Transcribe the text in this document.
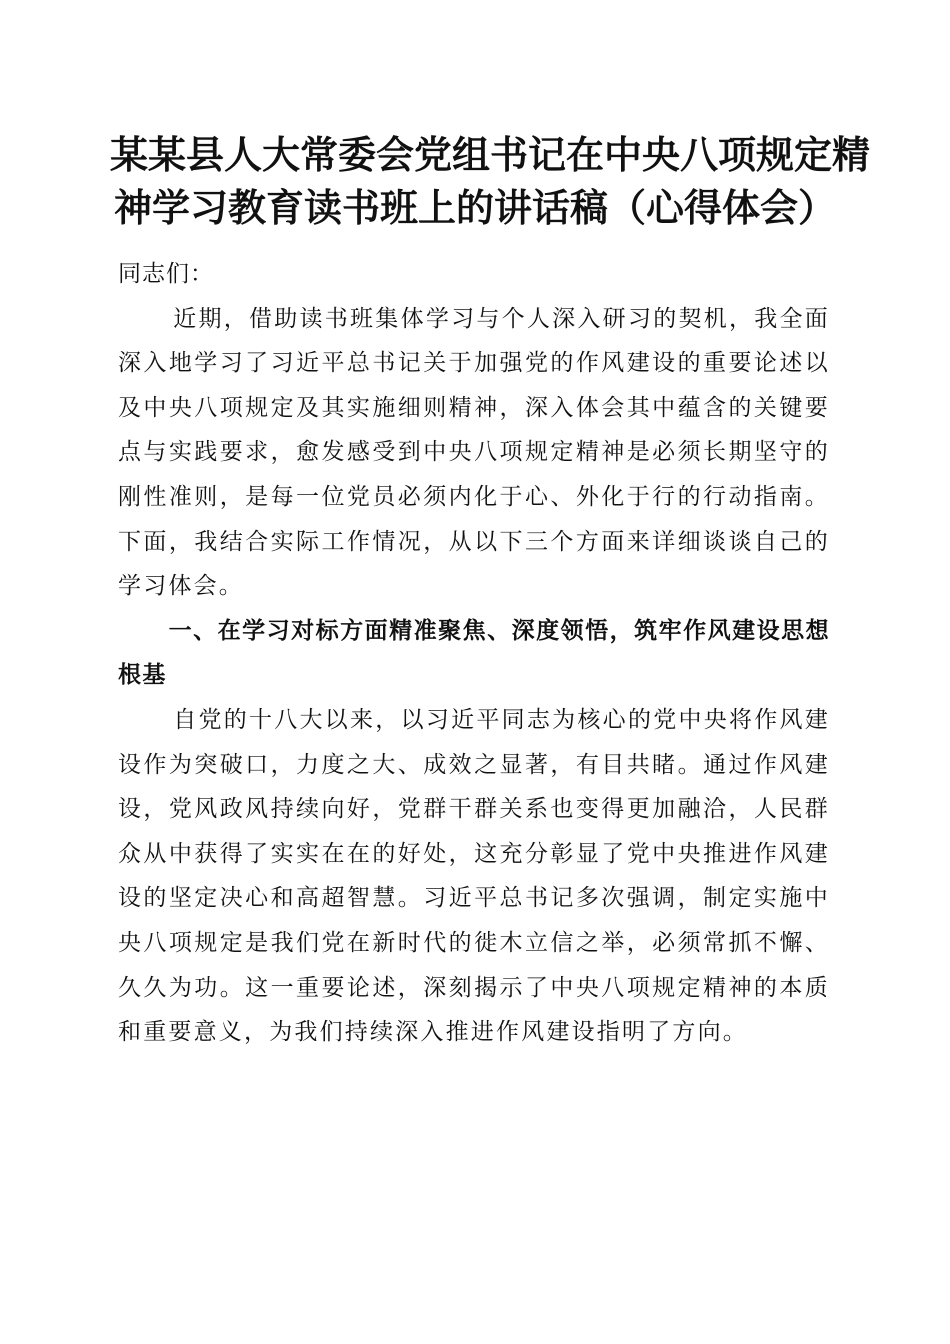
某某县人大常委会党组书记在中央八项规定精
神学习教育读书班上的讲话稿（心得体会）

同志们：

近期，借助读书班集体学习与个人深入研习的契机，我全面深入地学习了习近平总书记关于加强党的作风建设的重要论述以及中央八项规定及其实施细则精神，深入体会其中蕴含的关键要点与实践要求，愈发感受到中央八项规定精神是必须长期坚守的刚性准则，是每一位党员必须内化于心、外化于行的行动指南。下面，我结合实际工作情况，从以下三个方面来详细谈谈自己的学习体会。

一、在学习对标方面精准聚焦、深度领悟，筑牢作风建设思想根基

自党的十八大以来，以习近平同志为核心的党中央将作风建设作为突破口，力度之大、成效之显著，有目共睹。通过作风建设，党风政风持续向好，党群干群关系也变得更加融洽，人民群众从中获得了实实在在的好处，这充分彰显了党中央推进作风建设的坚定决心和高超智慧。习近平总书记多次强调，制定实施中央八项规定是我们党在新时代的徙木立信之举，必须常抓不懈、久久为功。这一重要论述，深刻揭示了中央八项规定精神的本质和重要意义，为我们持续深入推进作风建设指明了方向。
